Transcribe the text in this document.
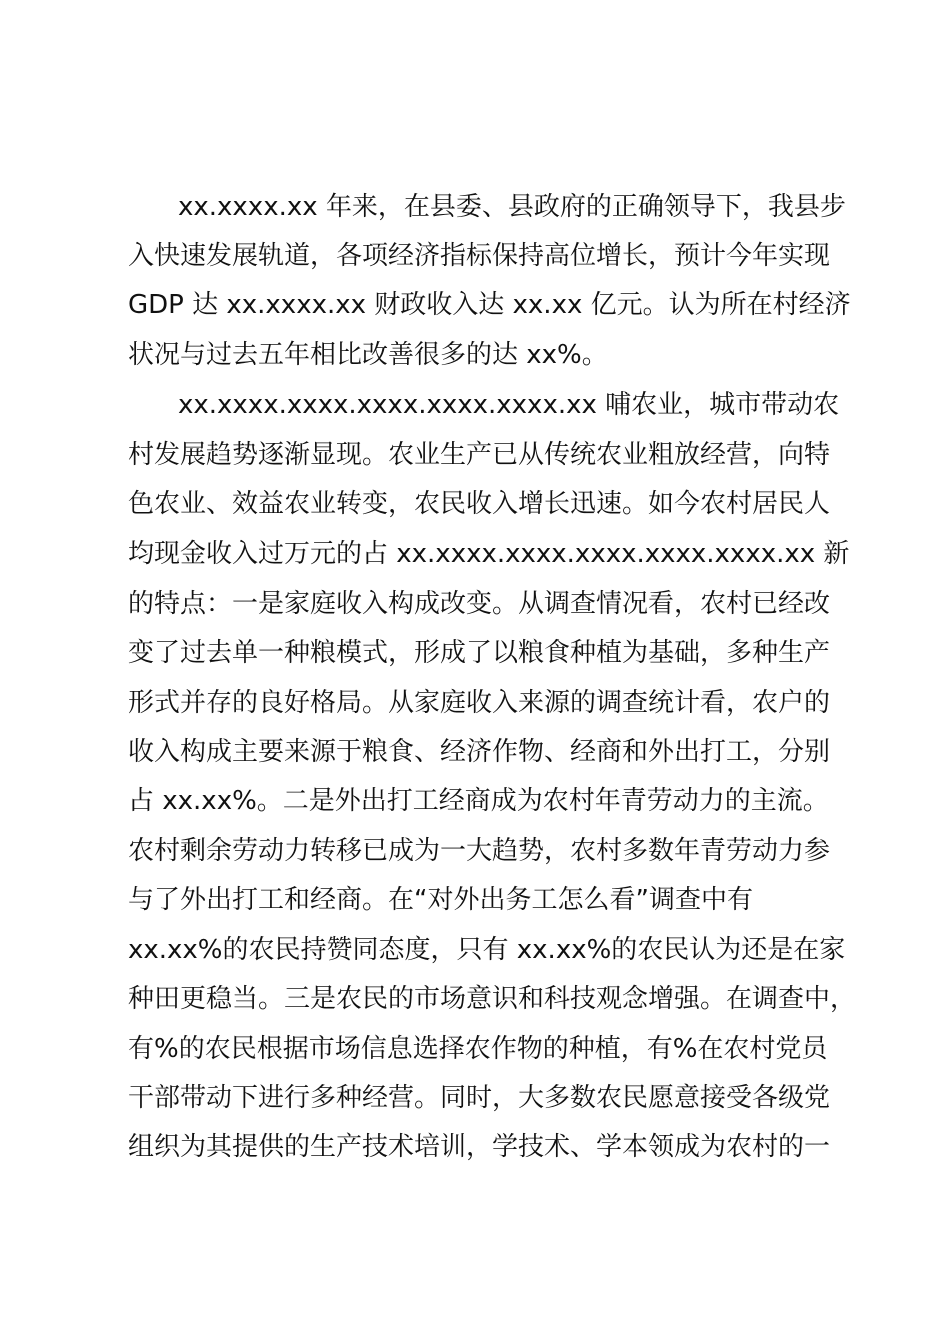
xx.xxxx.xx 年来，在县委、县政府的正确领导下，我县步
入快速发展轨道，各项经济指标保持高位增长，预计今年实现
GDP 达 xx.xxxx.xx 财政收入达 xx.xx 亿元。认为所在村经济
状况与过去五年相比改善很多的达 xx%。
xx.xxxx.xxxx.xxxx.xxxx.xxxx.xx 哺农业，城市带动农
村发展趋势逐渐显现。农业生产已从传统农业粗放经营，向特
色农业、效益农业转变，农民收入增长迅速。如今农村居民人
均现金收入过万元的占 xx.xxxx.xxxx.xxxx.xxxx.xxxx.xx 新
的特点：一是家庭收入构成改变。从调查情况看，农村已经改
变了过去单一种粮模式，形成了以粮食种植为基础，多种生产
形式并存的良好格局。从家庭收入来源的调查统计看，农户的
收入构成主要来源于粮食、经济作物、经商和外出打工，分别
占 xx.xx%。二是外出打工经商成为农村年青劳动力的主流。
农村剩余劳动力转移已成为一大趋势，农村多数年青劳动力参
与了外出打工和经商。在“对外出务工怎么看”调查中有
xx.xx%的农民持赞同态度，只有 xx.xx%的农民认为还是在家
种田更稳当。三是农民的市场意识和科技观念增强。在调查中，
有%的农民根据市场信息选择农作物的种植，有%在农村党员
干部带动下进行多种经营。同时，大多数农民愿意接受各级党
组织为其提供的生产技术培训，学技术、学本领成为农村的一
